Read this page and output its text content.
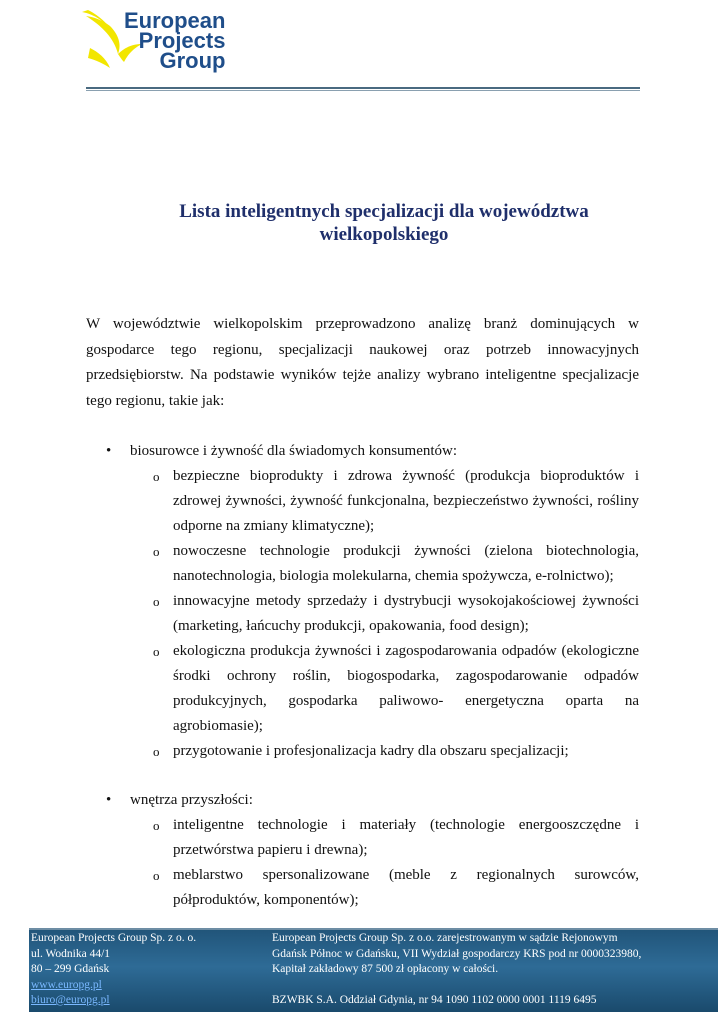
European
Projects
Group
Lista inteligentnych specjalizacji dla województwa
wielkopolskiego
W województwie wielkopolskim przeprowadzono analizę branż dominujących w gospodarce tego regionu, specjalizacji naukowej oraz potrzeb innowacyjnych przedsiębiorstw. Na podstawie wyników tejże analizy wybrano inteligentne specjalizacje tego regionu, takie jak:
• biosurowce i żywność dla świadomych konsumentów:
o bezpieczne bioprodukty i zdrowa żywność (produkcja bioproduktów i zdrowej żywności, żywność funkcjonalna, bezpieczeństwo żywności, rośliny odporne na zmiany klimatyczne);
o nowoczesne technologie produkcji żywności (zielona biotechnologia, nanotechnologia, biologia molekularna, chemia spożywcza, e-rolnictwo);
o innowacyjne metody sprzedaży i dystrybucji wysokojakościowej żywności (marketing, łańcuchy produkcji, opakowania, food design);
o ekologiczna produkcja żywności i zagospodarowania odpadów (ekologiczne środki ochrony roślin, biogospodarka, zagospodarowanie odpadów produkcyjnych, gospodarka paliwowo- energetyczna oparta na agrobiomasie);
o przygotowanie i profesjonalizacja kadry dla obszaru specjalizacji;
• wnętrza przyszłości:
o inteligentne technologie i materiały (technologie energooszczędne i przetwórstwa papieru i drewna);
o meblarstwo spersonalizowane (meble z regionalnych surowców, półproduktów, komponentów);
European Projects Group Sp. z o. o.
ul. Wodnika 44/1
80 – 299 Gdańsk
www.europg.pl
biuro@europg.pl
European Projects Group Sp. z o.o. zarejestrowanym w sądzie Rejonowym
Gdańsk Północ w Gdańsku, VII Wydział gospodarczy KRS pod nr 0000323980,
Kapitał zakładowy 87 500 zł opłacony w całości.

BZWBK S.A. Oddział Gdynia, nr 94 1090 1102 0000 0001 1119 6495
